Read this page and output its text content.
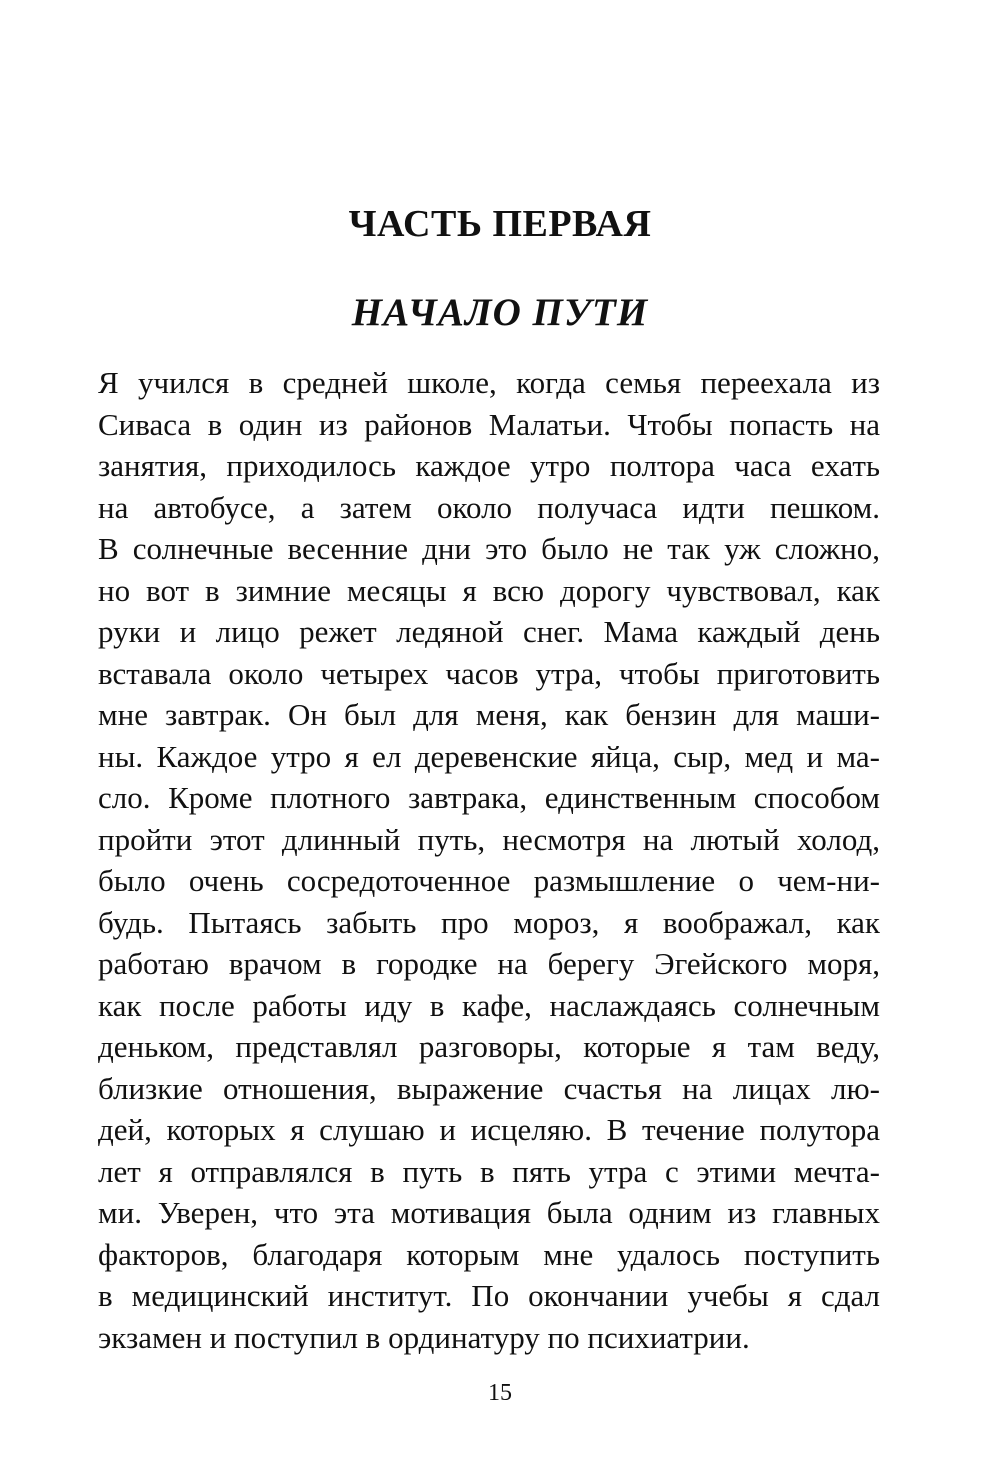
ЧАСТЬ ПЕРВАЯ
НАЧАЛО ПУТИ
Я учился в средней школе, когда семья переехала из
Сиваса в один из районов Малатьи. Чтобы попасть на
занятия, приходилось каждое утро полтора часа ехать
на автобусе, а затем около получаса идти пешком.
В солнечные весенние дни это было не так уж сложно,
но вот в зимние месяцы я всю дорогу чувствовал, как
руки и лицо режет ледяной снег. Мама каждый день
вставала около четырех часов утра, чтобы приготовить
мне завтрак. Он был для меня, как бензин для маши-
ны. Каждое утро я ел деревенские яйца, сыр, мед и ма-
сло. Кроме плотного завтрака, единственным способом
пройти этот длинный путь, несмотря на лютый холод,
было очень сосредоточенное размышление о чем-ни-
будь. Пытаясь забыть про мороз, я воображал, как
работаю врачом в городке на берегу Эгейского моря,
как после работы иду в кафе, наслаждаясь солнечным
деньком, представлял разговоры, которые я там веду,
близкие отношения, выражение счастья на лицах лю-
дей, которых я слушаю и исцеляю. В течение полутора
лет я отправлялся в путь в пять утра с этими мечта-
ми. Уверен, что эта мотивация была одним из главных
факторов, благодаря которым мне удалось поступить
в медицинский институт. По окончании учебы я сдал
экзамен и поступил в ординатуру по психиатрии.
15
